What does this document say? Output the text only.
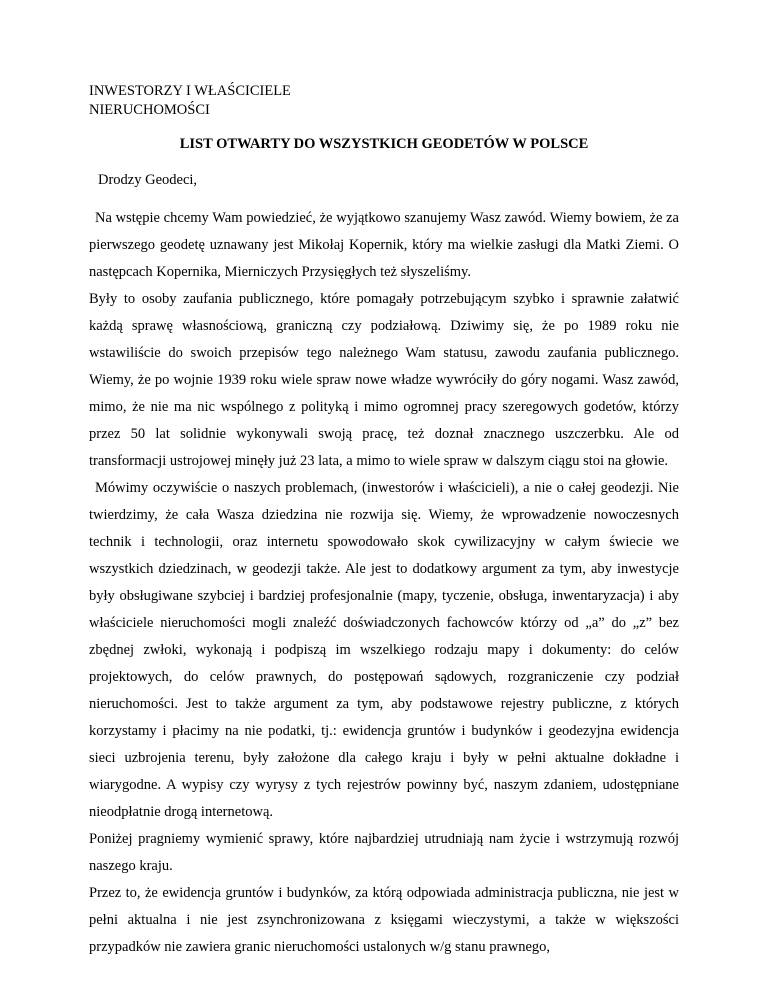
INWESTORZY I WŁAŚCICIELE
NIERUCHOMOŚCI
LIST OTWARTY DO WSZYSTKICH GEODETÓW W POLSCE
Drodzy Geodeci,

Na wstępie chcemy Wam powiedzieć, że wyjątkowo szanujemy Wasz zawód. Wiemy bowiem, że za pierwszego geodetę uznawany jest Mikołaj Kopernik, który ma wielkie zasługi dla Matki Ziemi. O następcach Kopernika, Mierniczych Przysięgłych też słyszeliśmy.

Były to osoby zaufania publicznego, które pomagały potrzebującym szybko i sprawnie załatwić każdą sprawę własnościową, graniczną czy podziałową. Dziwimy się, że po 1989 roku nie wstawiliście do swoich przepisów tego należnego Wam statusu, zawodu zaufania publicznego. Wiemy, że po wojnie 1939 roku wiele spraw nowe władze wywróciły do góry nogami. Wasz zawód, mimo, że nie ma nic wspólnego z polityką i mimo ogromnej pracy szeregowych godetów, którzy przez 50 lat solidnie wykonywali swoją pracę, też doznał znacznego uszczerbku. Ale od transformacji ustrojowej minęły już 23 lata, a mimo to wiele spraw w dalszym ciągu stoi na głowie.

Mówimy oczywiście o naszych problemach, (inwestorów i właścicieli), a nie o całej geodezji. Nie twierdzimy, że cała Wasza dziedzina nie rozwija się. Wiemy, że wprowadzenie nowoczesnych technik i technologii, oraz internetu spowodowało skok cywilizacyjny w całym świecie we wszystkich dziedzinach, w geodezji także. Ale jest to dodatkowy argument za tym, aby inwestycje były obsługiwane szybciej i bardziej profesjonalnie (mapy, tyczenie, obsługa, inwentaryzacja) i aby właściciele nieruchomości mogli znaleźć doświadczonych fachowców którzy od „a” do „z” bez zbędnej zwłoki, wykonają i podpiszą im wszelkiego rodzaju mapy i dokumenty: do celów projektowych, do celów prawnych, do postępowań sądowych, rozgraniczenie czy podział nieruchomości. Jest to także argument za tym, aby podstawowe rejestry publiczne, z których korzystamy i płacimy na nie podatki, tj.: ewidencja gruntów i budynków i geodezyjna ewidencja sieci uzbrojenia terenu, były założone dla całego kraju i były w pełni aktualne dokładne i wiarygodne. A wypisy czy wyrysy z tych rejestrów powinny być, naszym zdaniem, udostępniane nieodpłatnie drogą internetową.

Poniżej pragniemy wymienić sprawy, które najbardziej utrudniają nam życie i wstrzymują rozwój naszego kraju.

Przez to, że ewidencja gruntów i budynków, za którą odpowiada administracja publiczna, nie jest w pełni aktualna i nie jest zsynchronizowana z księgami wieczystymi, a także w większości przypadków nie zawiera granic nieruchomości ustalonych w/g stanu prawnego,
